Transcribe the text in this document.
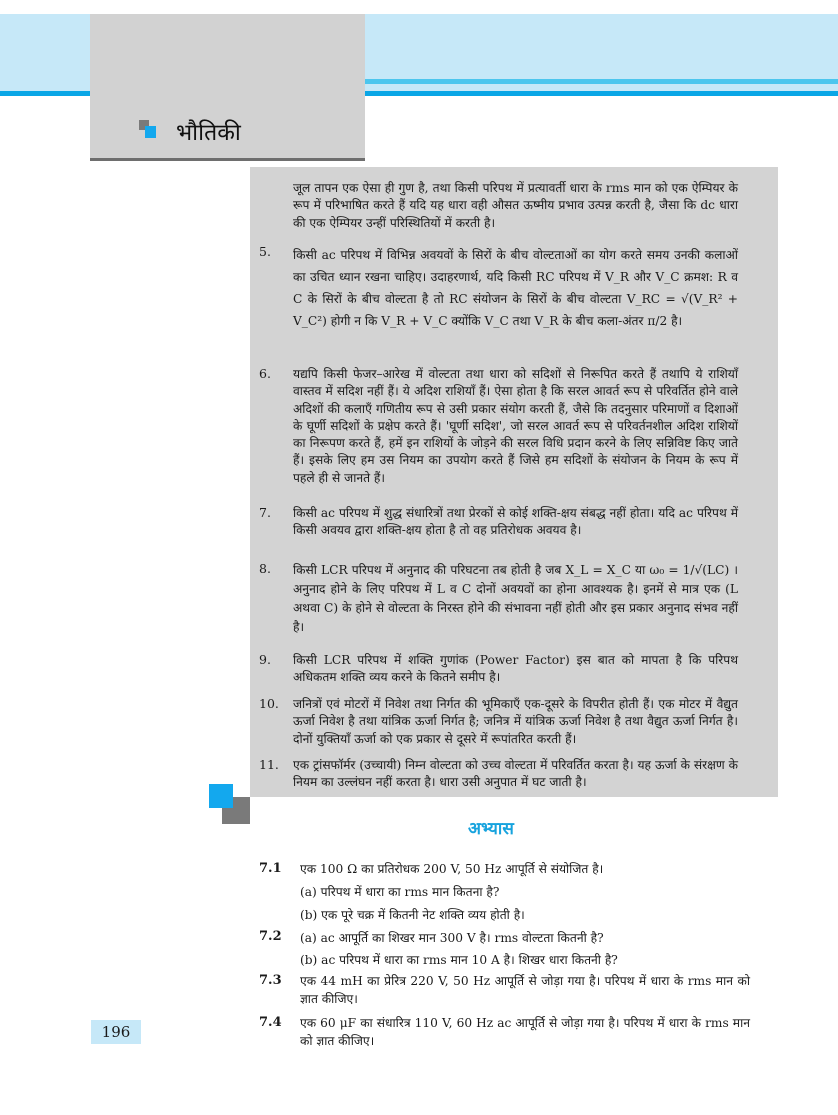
भौतिकी
जूल तापन एक ऐसा ही गुण है, तथा किसी परिपथ में प्रत्यावर्ती धारा के rms मान को एक ऐम्पियर के रूप में परिभाषित करते हैं यदि यह धारा वही औसत ऊष्मीय प्रभाव उत्पन्न करती है, जैसा कि dc धारा की एक ऐम्पियर उन्हीं परिस्थितियों में करती है।
5. किसी ac परिपथ में विभिन्न अवयवों के सिरों के बीच वोल्टताओं का योग करते समय उनकी कलाओं का उचित ध्यान रखना चाहिए। उदाहरणार्थ, यदि किसी RC परिपथ में V_R और V_C क्रमश: R व C के सिरों के बीच वोल्टता है तो RC संयोजन के सिरों के बीच वोल्टता V_RC = √(V_R² + V_C²) होगी न कि V_R + V_C क्योंकि V_C तथा V_R के बीच कला-अंतर π/2 है।
6. यद्यपि किसी फेजर–आरेख में वोल्टता तथा धारा को सदिशों से निरूपित करते हैं तथापि ये राशियाँ वास्तव में सदिश नहीं हैं। ये अदिश राशियाँ हैं। ऐसा होता है कि सरल आवर्त रूप से परिवर्तित होने वाले अदिशों की कलाएँ गणितीय रूप से उसी प्रकार संयोग करती हैं, जैसे कि तदनुसार परिमाणों व दिशाओं के घूर्णी सदिशों के प्रक्षेप करते हैं। 'घूर्णी सदिश', जो सरल आवर्त रूप से परिवर्तनशील अदिश राशियों का निरूपण करते हैं, हमें इन राशियों के जोड़ने की सरल विधि प्रदान करने के लिए सन्निविष्ट किए जाते हैं। इसके लिए हम उस नियम का उपयोग करते हैं जिसे हम सदिशों के संयोजन के नियम के रूप में पहले ही से जानते हैं।
7. किसी ac परिपथ में शुद्ध संधारित्रों तथा प्रेरकों से कोई शक्ति-क्षय संबद्ध नहीं होता। यदि ac परिपथ में किसी अवयव द्वारा शक्ति-क्षय होता है तो वह प्रतिरोधक अवयव है।
8. किसी LCR परिपथ में अनुनाद की परिघटना तब होती है जब X_L = X_C या ω₀ = 1/√(LC) । अनुनाद होने के लिए परिपथ में L व C दोनों अवयवों का होना आवश्यक है। इनमें से मात्र एक (L अथवा C) के होने से वोल्टता के निरस्त होने की संभावना नहीं होती और इस प्रकार अनुनाद संभव नहीं है।
9. किसी LCR परिपथ में शक्ति गुणांक (Power Factor) इस बात को मापता है कि परिपथ अधिकतम शक्ति व्यय करने के कितने समीप है।
10. जनित्रों एवं मोटरों में निवेश तथा निर्गत की भूमिकाएँ एक-दूसरे के विपरीत होती हैं। एक मोटर में वैद्युत ऊर्जा निवेश है तथा यांत्रिक ऊर्जा निर्गत है; जनित्र में यांत्रिक ऊर्जा निवेश है तथा वैद्युत ऊर्जा निर्गत है। दोनों युक्तियाँ ऊर्जा को एक प्रकार से दूसरे में रूपांतरित करती हैं।
11. एक ट्रांसफॉर्मर (उच्चायी) निम्न वोल्टता को उच्च वोल्टता में परिवर्तित करता है। यह ऊर्जा के संरक्षण के नियम का उल्लंघन नहीं करता है। धारा उसी अनुपात में घट जाती है।
अभ्यास
7.1 एक 100 Ω का प्रतिरोधक 200 V, 50 Hz आपूर्ति से संयोजित है।
(a) परिपथ में धारा का rms मान कितना है?
(b) एक पूरे चक्र में कितनी नेट शक्ति व्यय होती है।
7.2 (a) ac आपूर्ति का शिखर मान 300 V है। rms वोल्टता कितनी है?
(b) ac परिपथ में धारा का rms मान 10 A है। शिखर धारा कितनी है?
7.3 एक 44 mH का प्रेरित्र 220 V, 50 Hz आपूर्ति से जोड़ा गया है। परिपथ में धारा के rms मान को ज्ञात कीजिए।
7.4 एक 60 μF का संधारित्र 110 V, 60 Hz ac आपूर्ति से जोड़ा गया है। परिपथ में धारा के rms मान को ज्ञात कीजिए।
196
